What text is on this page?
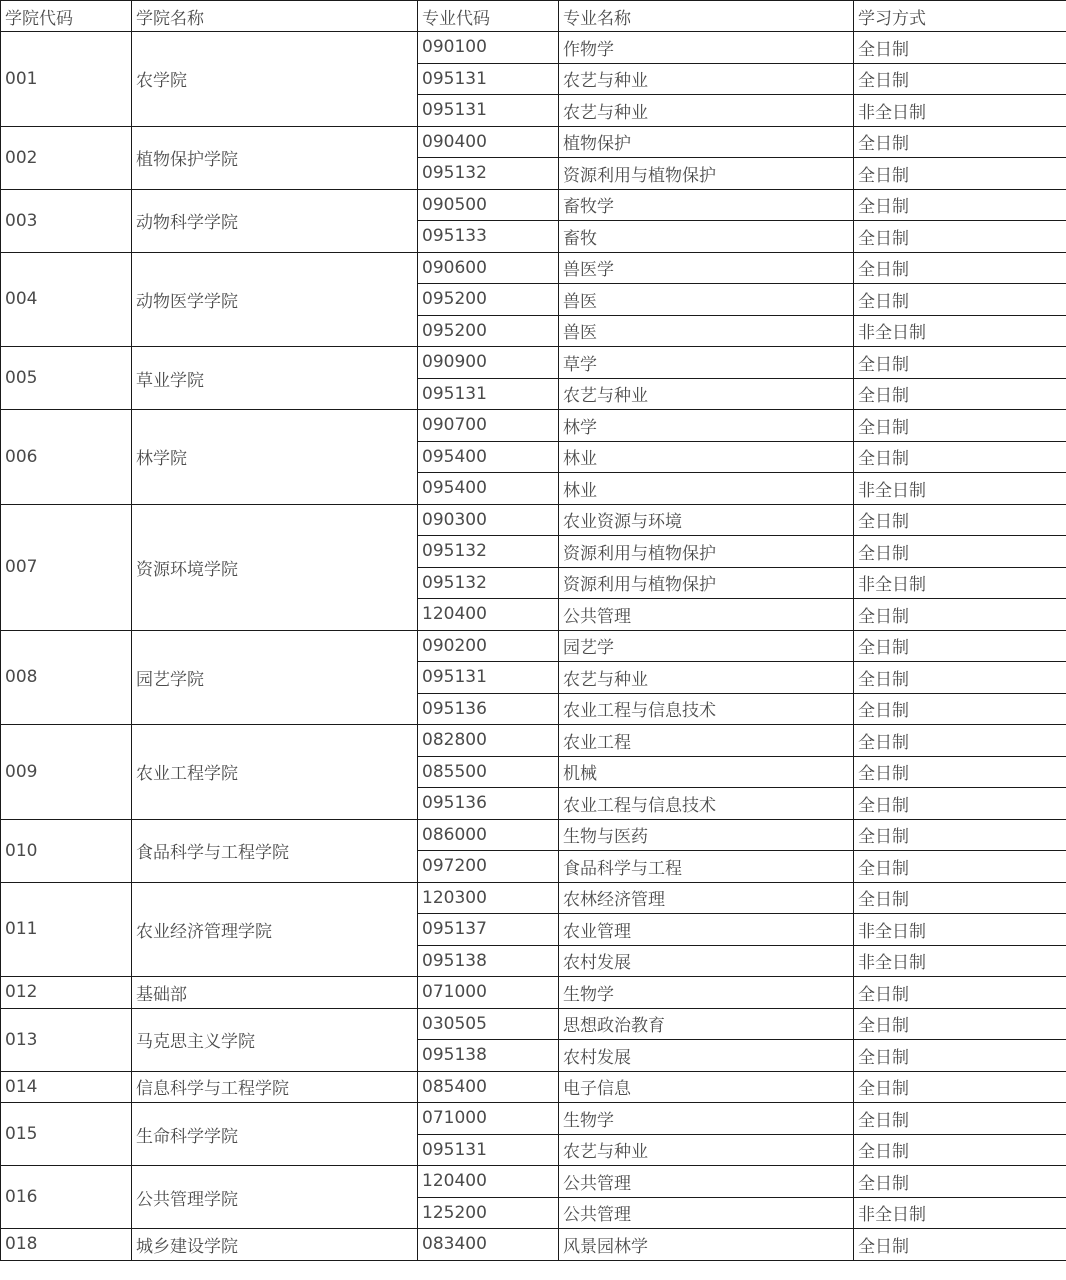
学院代码	学院名称	专业代码	专业名称	学习方式
001	农学院	090100	作物学	全日制
		095131	农艺与种业	全日制
		095131	农艺与种业	非全日制
002	植物保护学院	090400	植物保护	全日制
		095132	资源利用与植物保护	全日制
003	动物科学学院	090500	畜牧学	全日制
		095133	畜牧	全日制
004	动物医学学院	090600	兽医学	全日制
		095200	兽医	全日制
		095200	兽医	非全日制
005	草业学院	090900	草学	全日制
		095131	农艺与种业	全日制
006	林学院	090700	林学	全日制
		095400	林业	全日制
		095400	林业	非全日制
007	资源环境学院	090300	农业资源与环境	全日制
		095132	资源利用与植物保护	全日制
		095132	资源利用与植物保护	非全日制
		120400	公共管理	全日制
008	园艺学院	090200	园艺学	全日制
		095131	农艺与种业	全日制
		095136	农业工程与信息技术	全日制
009	农业工程学院	082800	农业工程	全日制
		085500	机械	全日制
		095136	农业工程与信息技术	全日制
010	食品科学与工程学院	086000	生物与医药	全日制
		097200	食品科学与工程	全日制
011	农业经济管理学院	120300	农林经济管理	全日制
		095137	农业管理	非全日制
		095138	农村发展	非全日制
012	基础部	071000	生物学	全日制
013	马克思主义学院	030505	思想政治教育	全日制
		095138	农村发展	全日制
014	信息科学与工程学院	085400	电子信息	全日制
015	生命科学学院	071000	生物学	全日制
		095131	农艺与种业	全日制
016	公共管理学院	120400	公共管理	全日制
		125200	公共管理	非全日制
018	城乡建设学院	083400	风景园林学	全日制
